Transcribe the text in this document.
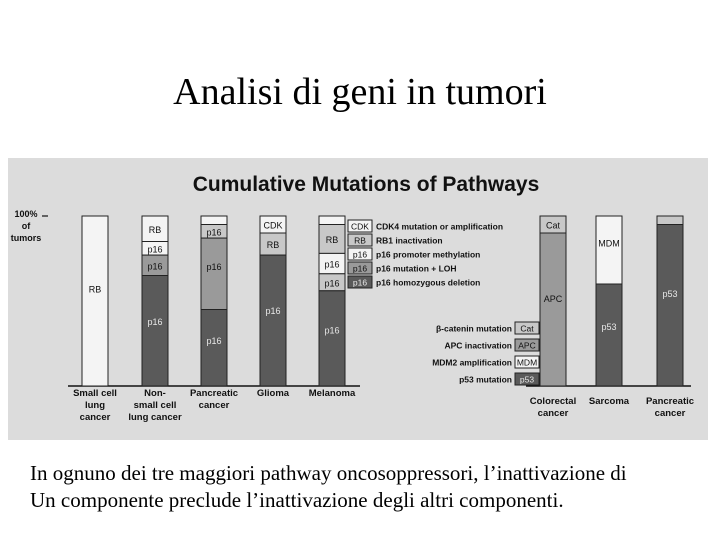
Analisi di geni in tumori
Cumulative Mutations of Pathways
100%
of
tumors
RB
RB
p16
p16
p16
p16
p16
p16
CDK
RB
p16
RB
p16
p16
p16
Small cell
lung
cancer
Non-
small cell
lung cancer
Pancreatic
cancer
Glioma Melanoma
Cat
APC
MDM
p53
p53
Colorectal
cancer
Sarcoma Pancreatic
cancer
CDK CDK4 mutation or amplification
RB RB1 inactivation
p16 p16 promoter methylation
p16 p16 mutation + LOH
p16 p16 homozygous deletion
β-catenin mutation Cat
APC inactivation APC
MDM2 amplification MDM
p53 mutation p53
In ognuno dei tre maggiori pathway oncosoppressori, l’inattivazione di
Un componente preclude l’inattivazione degli altri componenti.
